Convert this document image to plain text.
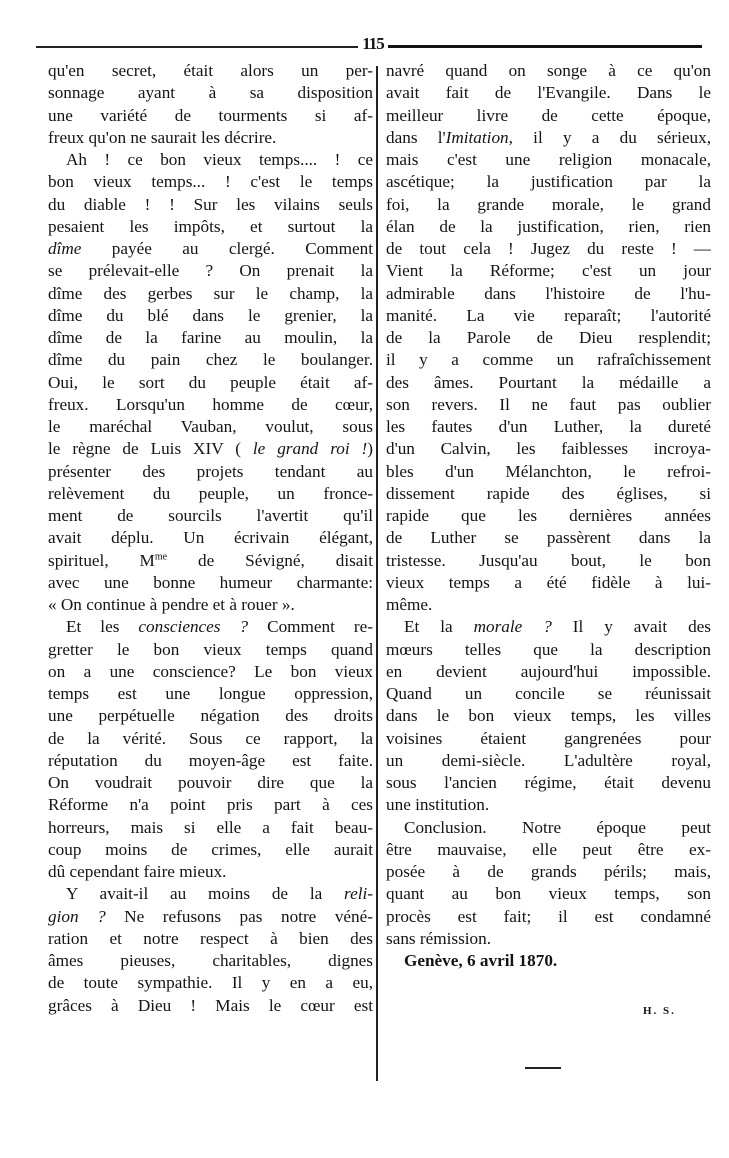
115
qu'en secret, était alors un per-
sonnage ayant à sa disposition
une variété de tourments si af-
freux qu'on ne saurait les décrire.
Ah ! ce bon vieux temps.... ! ce
bon vieux temps... ! c'est le temps
du diable ! ! Sur les vilains seuls
pesaient les impôts, et surtout la
dîme payée au clergé. Comment
se prélevait-elle ? On prenait la
dîme des gerbes sur le champ, la
dîme du blé dans le grenier, la
dîme de la farine au moulin, la
dîme du pain chez le boulanger.
Oui, le sort du peuple était af-
freux. Lorsqu'un homme de cœur,
le maréchal Vauban, voulut, sous
le règne de Luis XIV ( le grand roi !)
présenter des projets tendant au
relèvement du peuple, un fronce-
ment de sourcils l'avertit qu'il
avait déplu. Un écrivain élégant,
spirituel, $M^{me}$ de Sévigné, disait
avec une bonne humeur charmante:
« On continue à pendre et à rouer ».
Et les consciences ? Comment re-
gretter le bon vieux temps quand
on a une conscience? Le bon vieux
temps est une longue oppression,
une perpétuelle négation des droits
de la vérité. Sous ce rapport, la
réputation du moyen-âge est faite.
On voudrait pouvoir dire que la
Réforme n'a point pris part à ces
horreurs, mais si elle a fait beau-
coup moins de crimes, elle aurait
dû cependant faire mieux.
Y avait-il au moins de la reli-
gion ? Ne refusons pas notre véné-
ration et notre respect à bien des
âmes pieuses, charitables, dignes
de toute sympathie. Il y en a eu,
grâces à Dieu ! Mais le cœur est
navré quand on songe à ce qu'on
avait fait de l'Evangile. Dans le
meilleur livre de cette époque,
dans l'Imitation, il y a du sérieux,
mais c'est une religion monacale,
ascétique; la justification par la
foi, la grande morale, le grand
élan de la justification, rien, rien
de tout cela ! Jugez du reste ! —
Vient la Réforme; c'est un jour
admirable dans l'histoire de l'hu-
manité. La vie reparaît; l'autorité
de la Parole de Dieu resplendit;
il y a comme un rafraîchissement
des âmes. Pourtant la médaille a
son revers. Il ne faut pas oublier
les fautes d'un Luther, la dureté
d'un Calvin, les faiblesses incroya-
bles d'un Mélanchton, le refroi-
dissement rapide des églises, si
rapide que les dernières années
de Luther se passèrent dans la
tristesse. Jusqu'au bout, le bon
vieux temps a été fidèle à lui-
même.
Et la morale ? Il y avait des
mœurs telles que la description
en devient aujourd'hui impossible.
Quand un concile se réunissait
dans le bon vieux temps, les villes
voisines étaient gangrenées pour
un demi-siècle. L'adultère royal,
sous l'ancien régime, était devenu
une institution.
Conclusion. Notre époque peut
être mauvaise, elle peut être ex-
posée à de grands périls; mais,
quant au bon vieux temps, son
procès est fait; il est condamné
sans rémission.
Genève, 6 avril 1870.
H. S.
